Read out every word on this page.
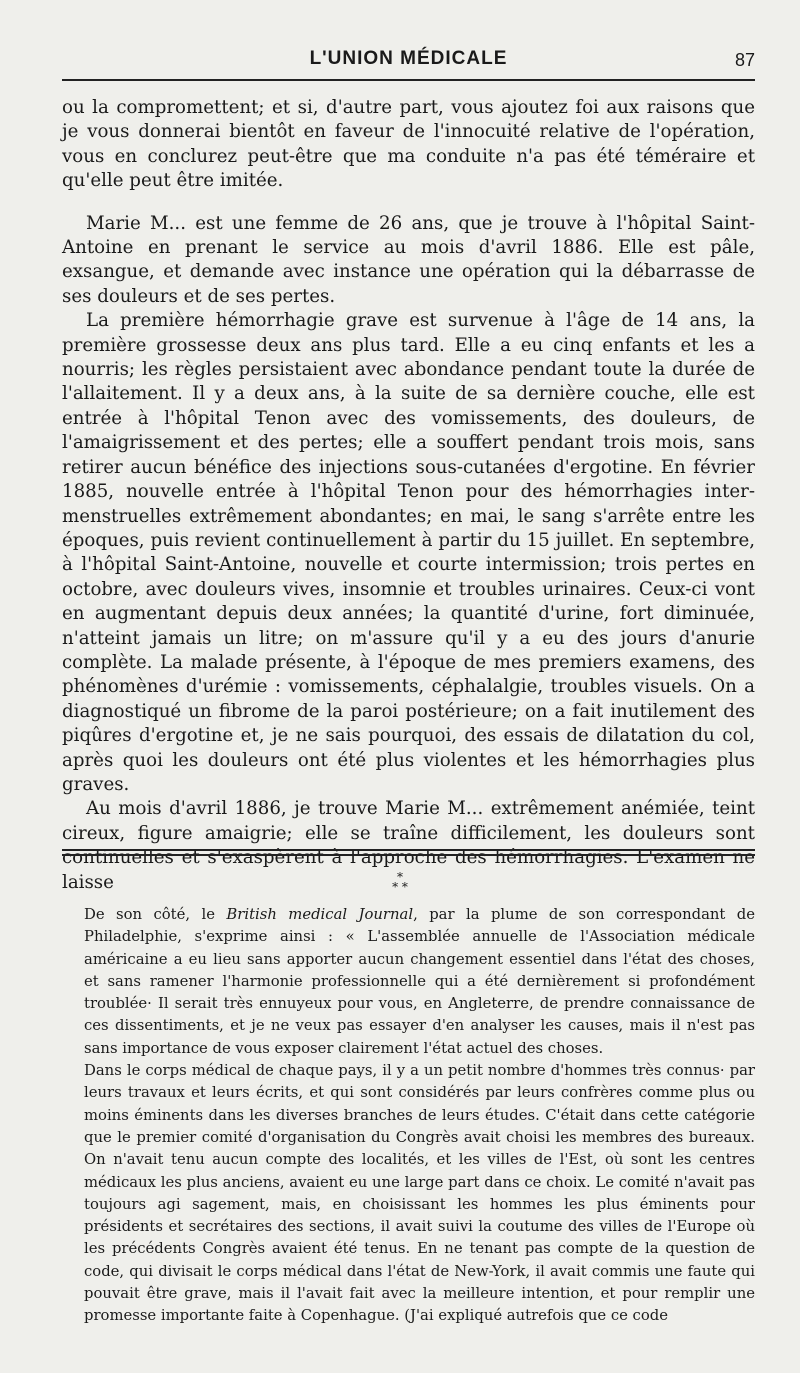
L'UNION MÉDICALE	87

ou la compromettent; et si, d'autre part, vous ajoutez foi aux raisons que je vous donnerai bientôt en faveur de l'innocuité relative de l'opération, vous en conclurez peut-être que ma conduite n'a pas été téméraire et qu'elle peut être imitée.

Marie M... est une femme de 26 ans, que je trouve à l'hôpital Saint-Antoine en prenant le service au mois d'avril 1886. Elle est pâle, exsangue, et demande avec instance une opération qui la débarrasse de ses douleurs et de ses pertes.

La première hémorrhagie grave est survenue à l'âge de 14 ans, la première grossesse deux ans plus tard. Elle a eu cinq enfants et les a nourris; les règles persistaient avec abondance pendant toute la durée de l'allaitement. Il y a deux ans, à la suite de sa dernière couche, elle est entrée à l'hôpital Tenon avec des vomissements, des douleurs, de l'amaigrissement et des pertes; elle a souffert pendant trois mois, sans retirer aucun bénéfice des injections sous-cutanées d'ergotine. En février 1885, nouvelle entrée à l'hôpital Tenon pour des hémorrhagies inter-menstruelles extrêmement abondantes; en mai, le sang s'arrête entre les époques, puis revient continuellement à partir du 15 juillet. En septembre, à l'hôpital Saint-Antoine, nouvelle et courte intermission; trois pertes en octobre, avec douleurs vives, insomnie et troubles urinaires. Ceux-ci vont en augmentant depuis deux années; la quantité d'urine, fort diminuée, n'atteint jamais un litre; on m'assure qu'il y a eu des jours d'anurie complète. La malade présente, à l'époque de mes premiers examens, des phénomènes d'urémie : vomissements, céphalalgie, troubles visuels. On a diagnostiqué un fibrome de la paroi postérieure; on a fait inutilement des piqûres d'ergotine et, je ne sais pourquoi, des essais de dilatation du col, après quoi les douleurs ont été plus violentes et les hémorrhagies plus graves.

Au mois d'avril 1886, je trouve Marie M... extrêmement anémiée, teint cireux, figure amaigrie; elle se traîne difficilement, les douleurs sont continuelles et s'exaspèrent à l'approche des hémorrhagies. L'examen ne laisse	*
* *

De son côté, le British medical Journal, par la plume de son correspondant de Philadelphie, s'exprime ainsi : « L'assemblée annuelle de l'Association médicale américaine a eu lieu sans apporter aucun changement essentiel dans l'état des choses, et sans ramener l'harmonie professionnelle qui a été dernièrement si profondément troublée· Il serait très ennuyeux pour vous, en Angleterre, de prendre connaissance de ces dissentiments, et je ne veux pas essayer d'en analyser les causes, mais il n'est pas sans importance de vous exposer clairement l'état actuel des choses.

Dans le corps médical de chaque pays, il y a un petit nombre d'hommes très connus· par leurs travaux et leurs écrits, et qui sont considérés par leurs confrères comme plus ou moins éminents dans les diverses branches de leurs études. C'était dans cette catégorie que le premier comité d'organisation du Congrès avait choisi les membres des bureaux. On n'avait tenu aucun compte des localités, et les villes de l'Est, où sont les centres médicaux les plus anciens, avaient eu une large part dans ce choix. Le comité n'avait pas toujours agi sagement, mais, en choisissant les hommes les plus éminents pour présidents et secrétaires des sections, il avait suivi la coutume des villes de l'Europe où les précédents Congrès avaient été tenus. En ne tenant pas compte de la question de code, qui divisait le corps médical dans l'état de New-York, il avait commis une faute qui pouvait être grave, mais il l'avait fait avec la meilleure intention, et pour remplir une promesse importante faite à Copenhague. (J'ai expliqué autrefois que ce code
